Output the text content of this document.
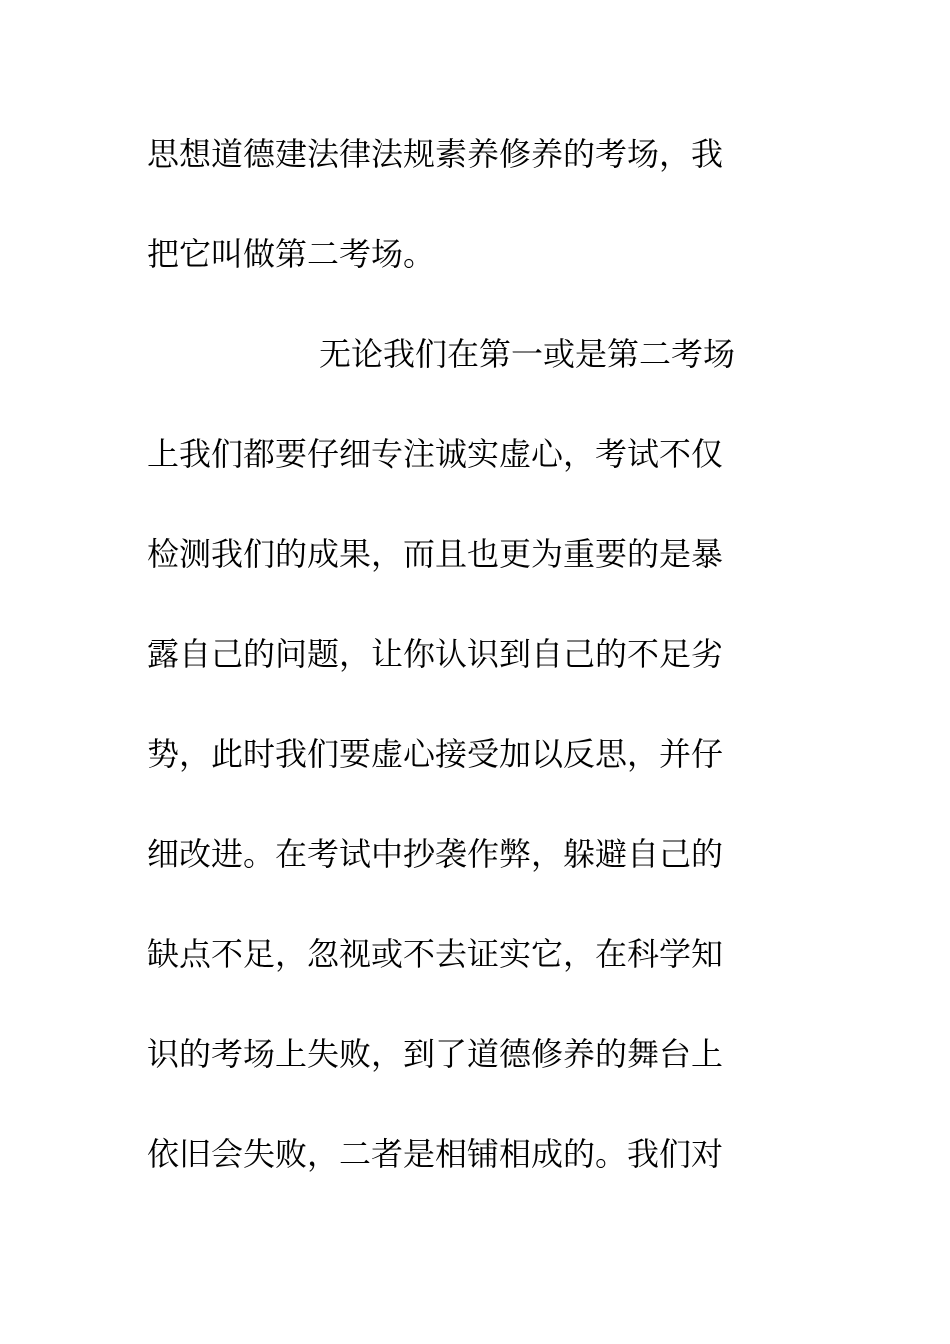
思想道德建法律法规素养修养的考场，我
把它叫做第二考场。
无论我们在第一或是第二考场
上我们都要仔细专注诚实虚心，考试不仅
检测我们的成果，而且也更为重要的是暴
露自己的问题，让你认识到自己的不足劣
势，此时我们要虚心接受加以反思，并仔
细改进。在考试中抄袭作弊，躲避自己的
缺点不足，忽视或不去证实它，在科学知
识的考场上失败，到了道德修养的舞台上
依旧会失败，二者是相铺相成的。我们对
